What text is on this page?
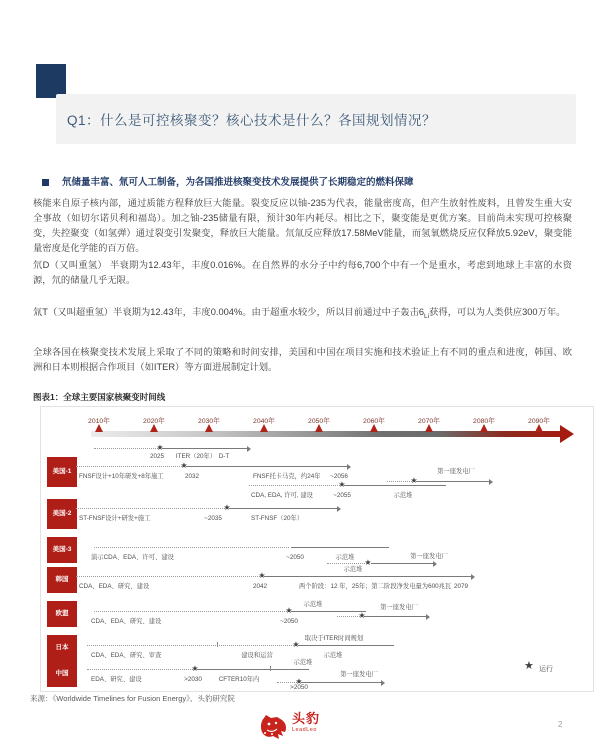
Q1：什么是可控核聚变？核心技术是什么？各国规划情况？
氘储量丰富、氚可人工制备，为各国推进核聚变技术发展提供了长期稳定的燃料保障
核能来自原子核内部，通过质能方程释放巨大能量。裂变反应以铀-235为代表，能量密度高，但产生放射性废料，且曾发生重大安全事故（如切尔诺贝利和福岛）。加之铀-235储量有限，预计30年内耗尽。相比之下，聚变能是更优方案。目前尚未实现可控核聚变，失控聚变（如氢弹）通过裂变引发聚变，释放巨大能量。氘氚反应释放17.58MeV能量，而氢氧燃烧反应仅释放5.92eV，聚变能量密度是化学能的百万倍。
氘D（又叫重氢） 半衰期为12.43年，丰度0.016%。在自然界的水分子中约每6,700个中有一个是重水，考虑到地球上丰富的水资源，氘的储量几乎无限。
氚T（又叫超重氢）半衰期为12.43年，丰度0.004%。由于超重水较少，所以目前通过中子轰击$6_{Li}$获得，可以为人类供应300万年。
全球各国在核聚变技术发展上采取了不同的策略和时间安排，美国和中国在项目实施和技术验证上有不同的重点和进度，韩国、欧洲和日本则根据合作项目（如ITER）等方面进展制定计划。
图表1：全球主要国家核聚变时间线
2010年	2020年	2030年	2040年	2050年	2060年	2070年	2080年	2090年
★
2025 ITER（20年） D-T
美国-1
★
FNSF设计+10年研发+8年施工	2032	FNSF托卡马克，约24年 ~2056
第一座发电厂
★
★
CDA, EDA, 许可, 建设	~2055	示范堆
美国-2
★
ST-FNSF设计+研发+施工	~2035	ST-FNSF（20年）
美国-3
演示CDA、EDA、许可、建设	~2050	示范堆	第一座发电厂
★
韩国
★
示范堆
CDA、EDA、研究、建设	2042	两个阶段：12 年，25年；第二阶段净发电量为600兆瓦 2079
欧盟
★
示范堆
CDA、EDA、研究、建设	~2050
★
第一座发电厂
日本
★
取决于ITER时间规划
CDA、EDA、研究、审查	建设和运营	示范堆
中国
★
示范堆
EDA、研究、建设	>2030	CFTER10年内
★
>2050
第一座发电厂
★ 运行
来源：《Worldwide Timelines for Fusion Energy》、头豹研究院
头豹
LeadLeo
2
